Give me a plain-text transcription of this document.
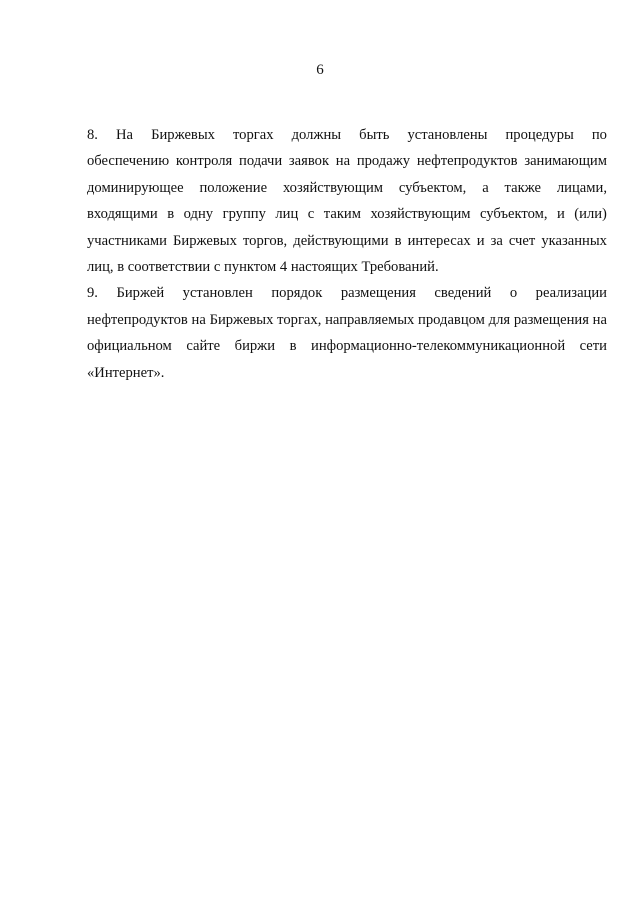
6
8. На Биржевых торгах должны быть установлены процедуры по
обеспечению контроля подачи заявок на продажу нефтепродуктов занимающим
доминирующее положение хозяйствующим субъектом, а также лицами,
входящими в одну группу лиц с таким хозяйствующим субъектом, и (или)
участниками Биржевых торгов, действующими в интересах и за счет указанных
лиц, в соответствии с пунктом 4 настоящих Требований.
9. Биржей установлен порядок размещения сведений о реализации
нефтепродуктов на Биржевых торгах, направляемых продавцом для размещения на
официальном сайте биржи в информационно-телекоммуникационной сети
«Интернет».
